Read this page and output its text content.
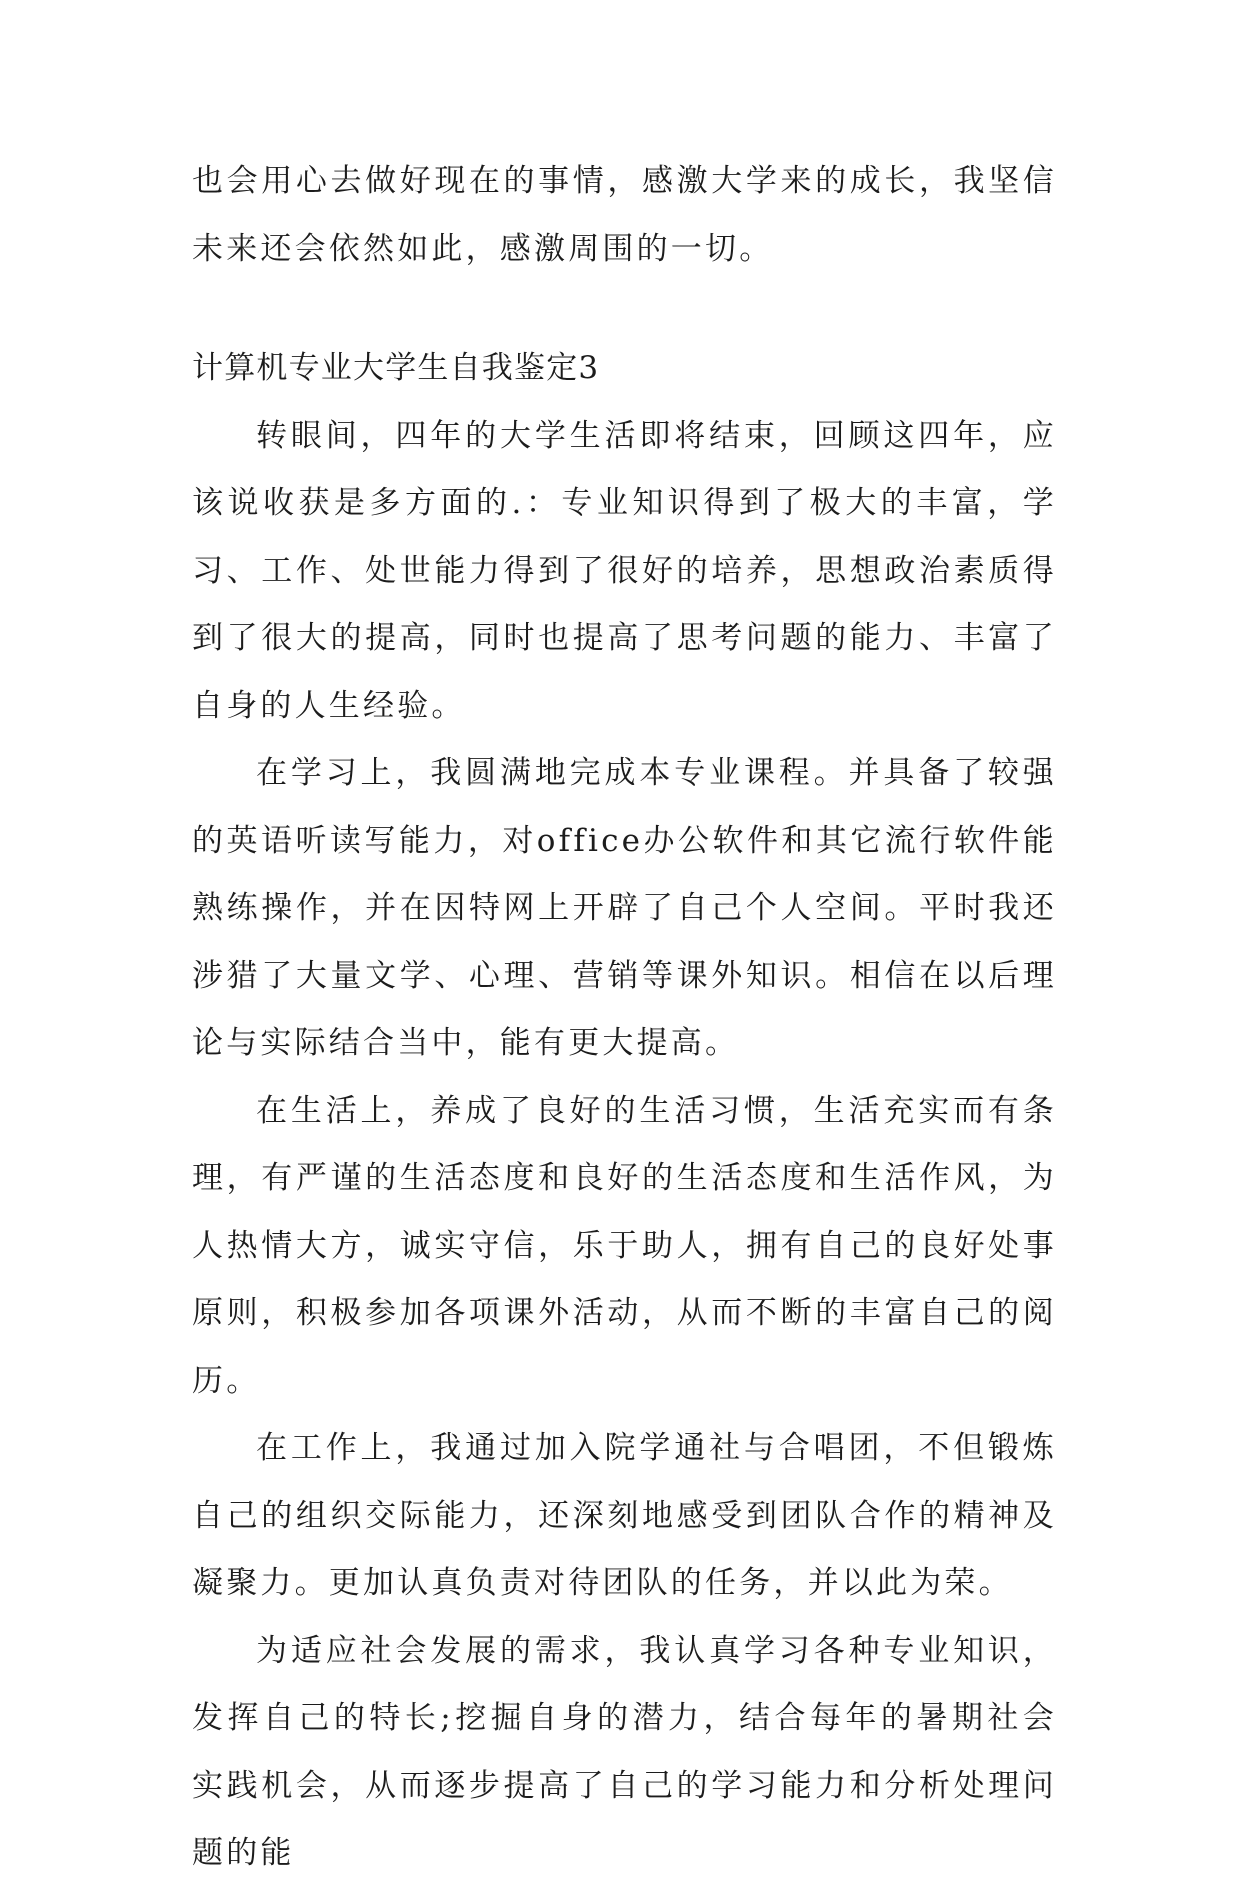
也会用心去做好现在的事情，感激大学来的成长，我坚信未来还会依然如此，感激周围的一切。

计算机专业大学生自我鉴定3

转眼间，四年的大学生活即将结束，回顾这四年，应该说收获是多方面的.：专业知识得到了极大的丰富，学习、工作、处世能力得到了很好的培养，思想政治素质得到了很大的提高，同时也提高了思考问题的能力、丰富了自身的人生经验。

在学习上，我圆满地完成本专业课程。并具备了较强的英语听读写能力，对office办公软件和其它流行软件能熟练操作，并在因特网上开辟了自己个人空间。平时我还涉猎了大量文学、心理、营销等课外知识。相信在以后理论与实际结合当中，能有更大提高。

在生活上，养成了良好的生活习惯，生活充实而有条理，有严谨的生活态度和良好的生活态度和生活作风，为人热情大方，诚实守信，乐于助人，拥有自己的良好处事原则，积极参加各项课外活动，从而不断的丰富自己的阅历。

在工作上，我通过加入院学通社与合唱团，不但锻炼自己的组织交际能力，还深刻地感受到团队合作的精神及凝聚力。更加认真负责对待团队的任务，并以此为荣。

为适应社会发展的需求，我认真学习各种专业知识，发挥自己的特长;挖掘自身的潜力，结合每年的暑期社会实践机会，从而逐步提高了自己的学习能力和分析处理问题的能
